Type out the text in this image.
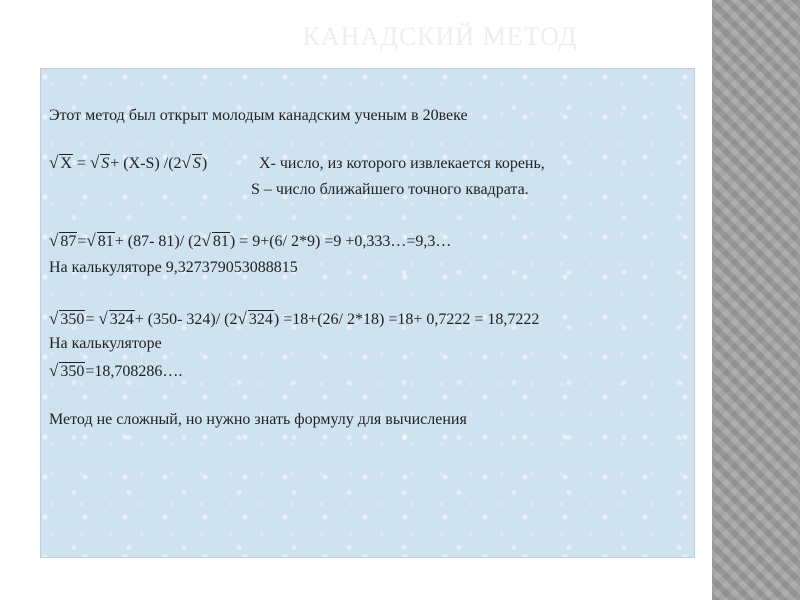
КАНАДСКИЙ МЕТОД
Этот метод был открыт молодым канадским ученым в 20веке
√ X = √ S+ (X-S) /(2√ S)	X- число, из которого извлекается корень,
S – число ближайшего точного квадрата.
√ 87=√ 81+ (87- 81)/ (2√ 81) = 9+(6/ 2*9) =9 +0,333…=9,3…
На калькуляторе 9,327379053088815
√ 350= √ 324+ (350- 324)/ (2√ 324) =18+(26/ 2*18) =18+ 0,7222 = 18,7222
На калькуляторе
√ 350=18,708286….
Метод не сложный, но нужно знать формулу для вычисления
